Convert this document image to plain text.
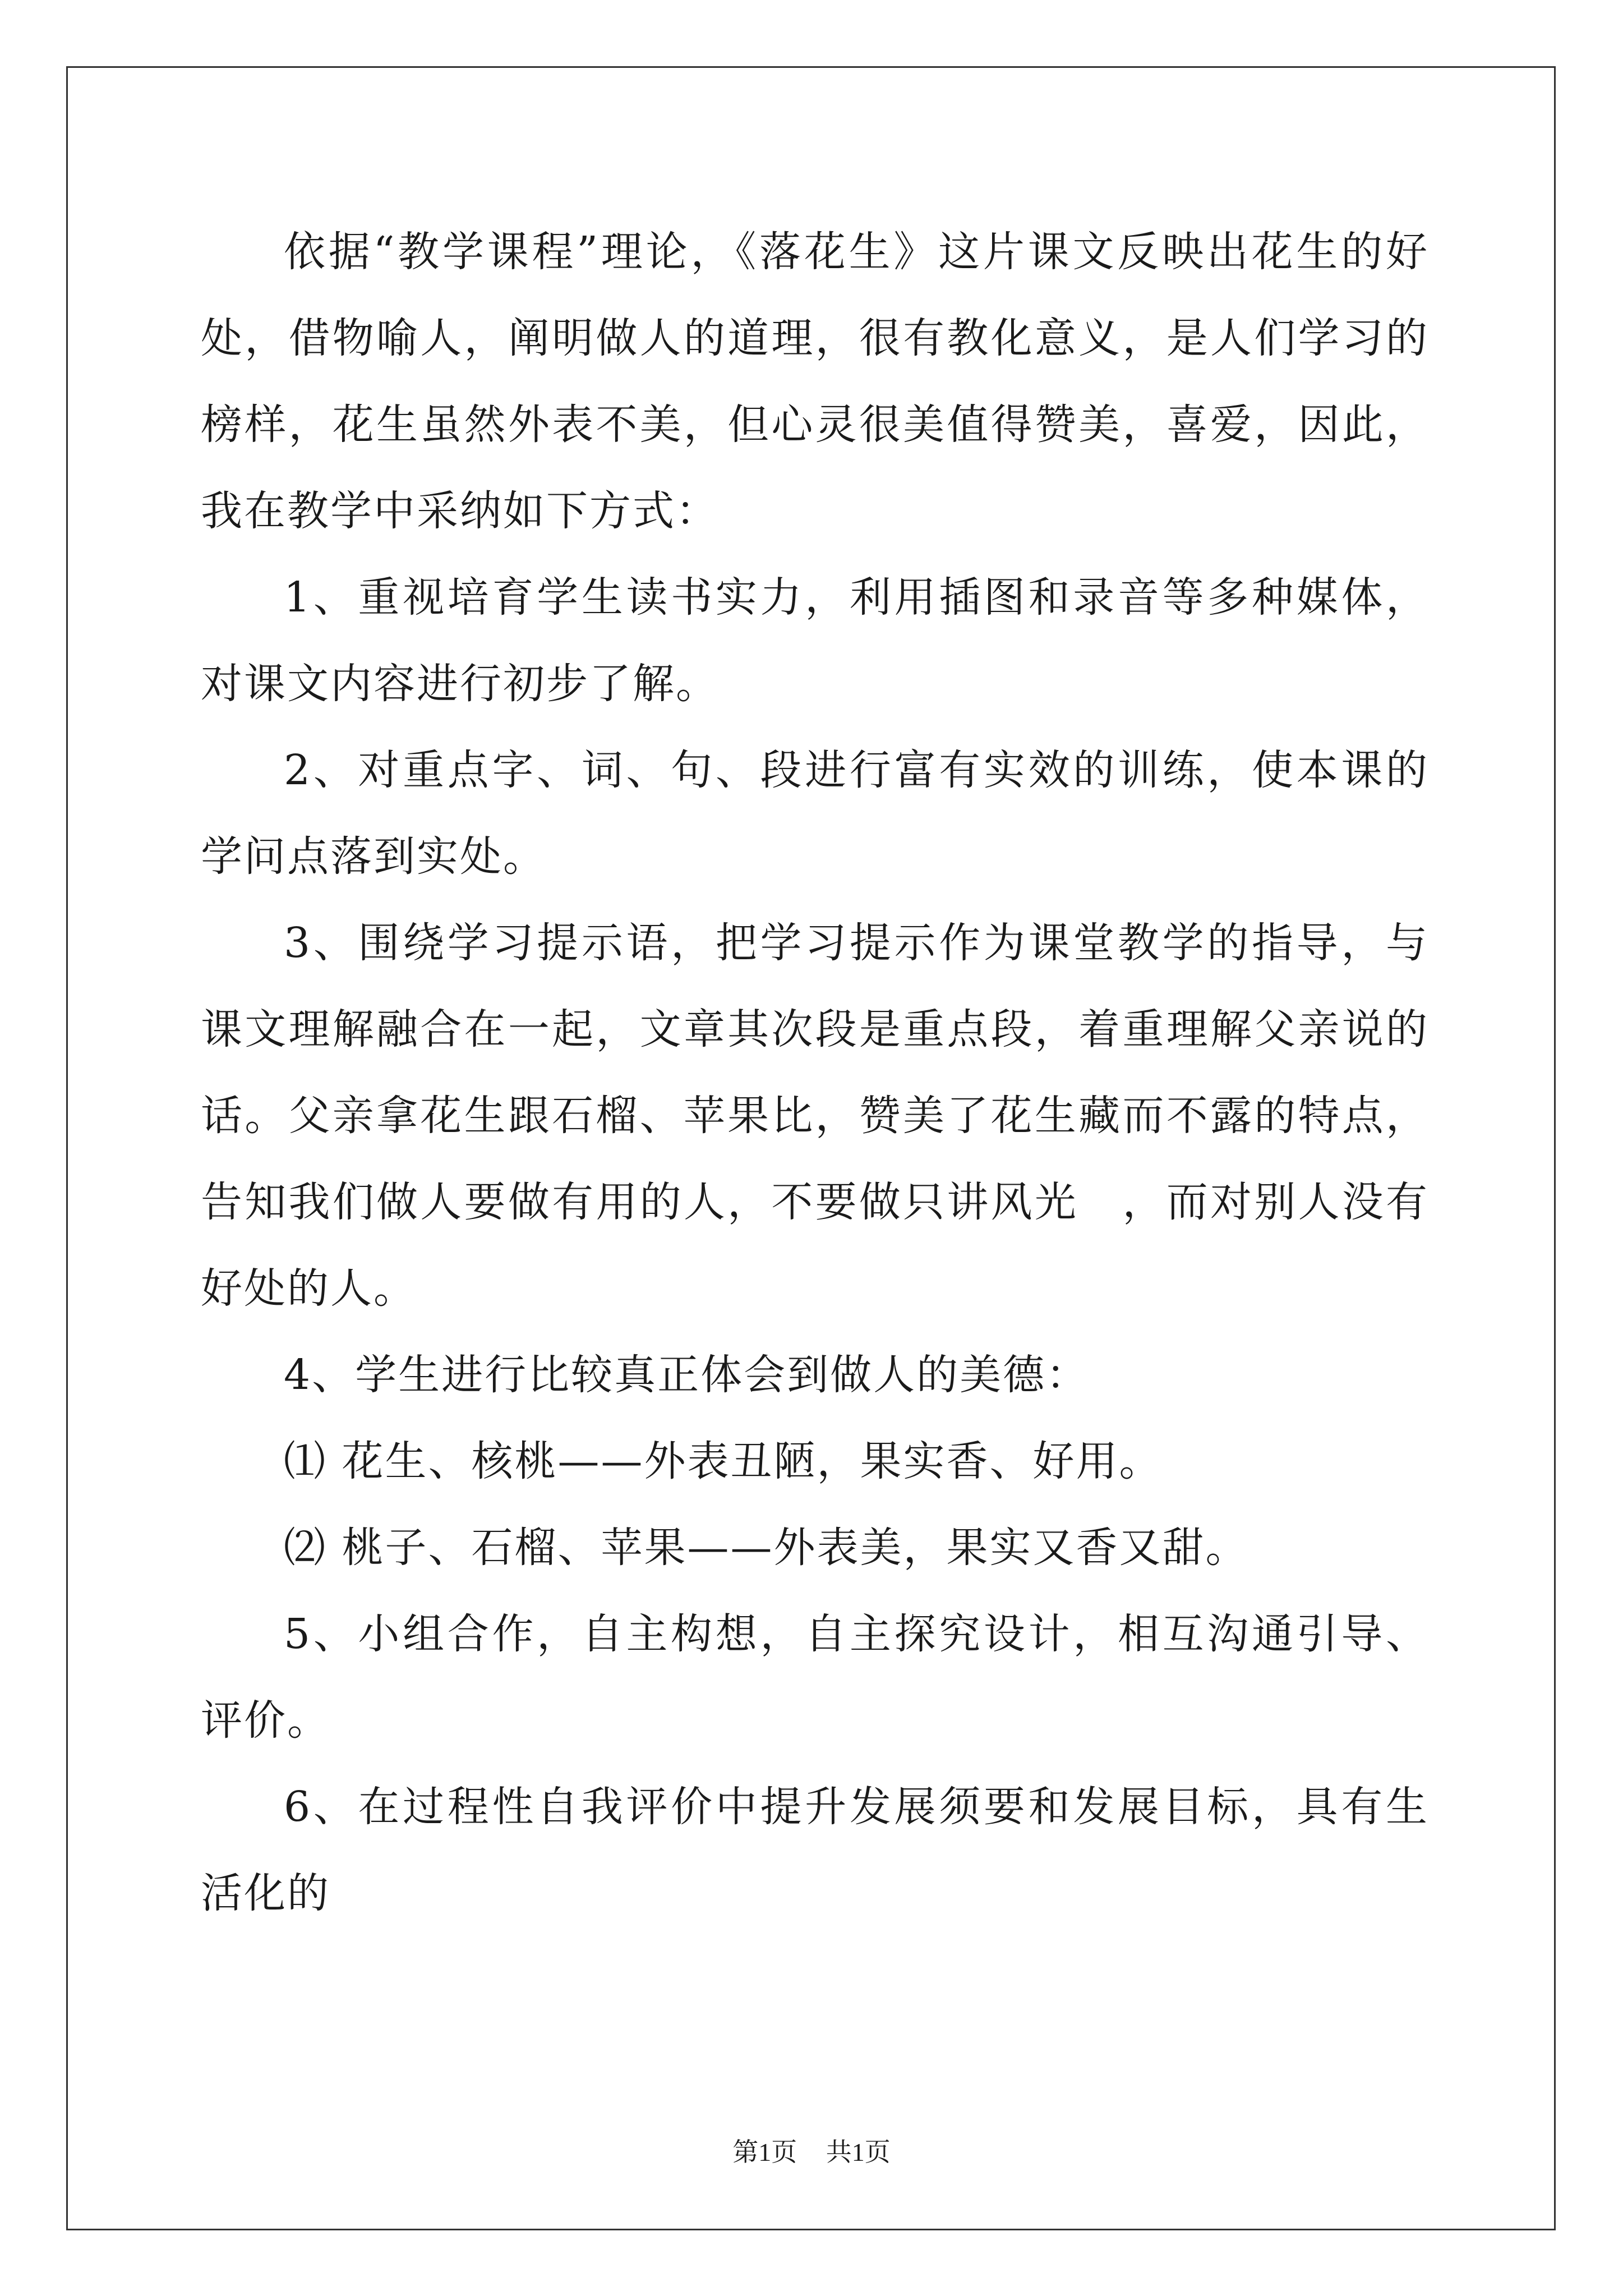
依据“教学课程”理论，《落花生》这片课文反映出花生的好处，借物喻人，阐明做人的道理，很有教化意义，是人们学习的榜样，花生虽然外表不美，但心灵很美值得赞美，喜爱，因此，我在教学中采纳如下方式：

1、重视培育学生读书实力，利用插图和录音等多种媒体，对课文内容进行初步了解。

2、对重点字、词、句、段进行富有实效的训练，使本课的学问点落到实处。

3、围绕学习提示语，把学习提示作为课堂教学的指导，与课文理解融合在一起，文章其次段是重点段，着重理解父亲说的话。父亲拿花生跟石榴、苹果比，赞美了花生藏而不露的特点，告知我们做人要做有用的人，不要做只讲风光　，而对别人没有好处的人。

4、学生进行比较真正体会到做人的美德：

⑴ 花生、核桃——外表丑陋，果实香、好用。

⑵ 桃子、石榴、苹果——外表美，果实又香又甜。

5、小组合作，自主构想，自主探究设计，相互沟通引导、评价。

6、在过程性自我评价中提升发展须要和发展目标，具有生活化的

第1页 共1页
